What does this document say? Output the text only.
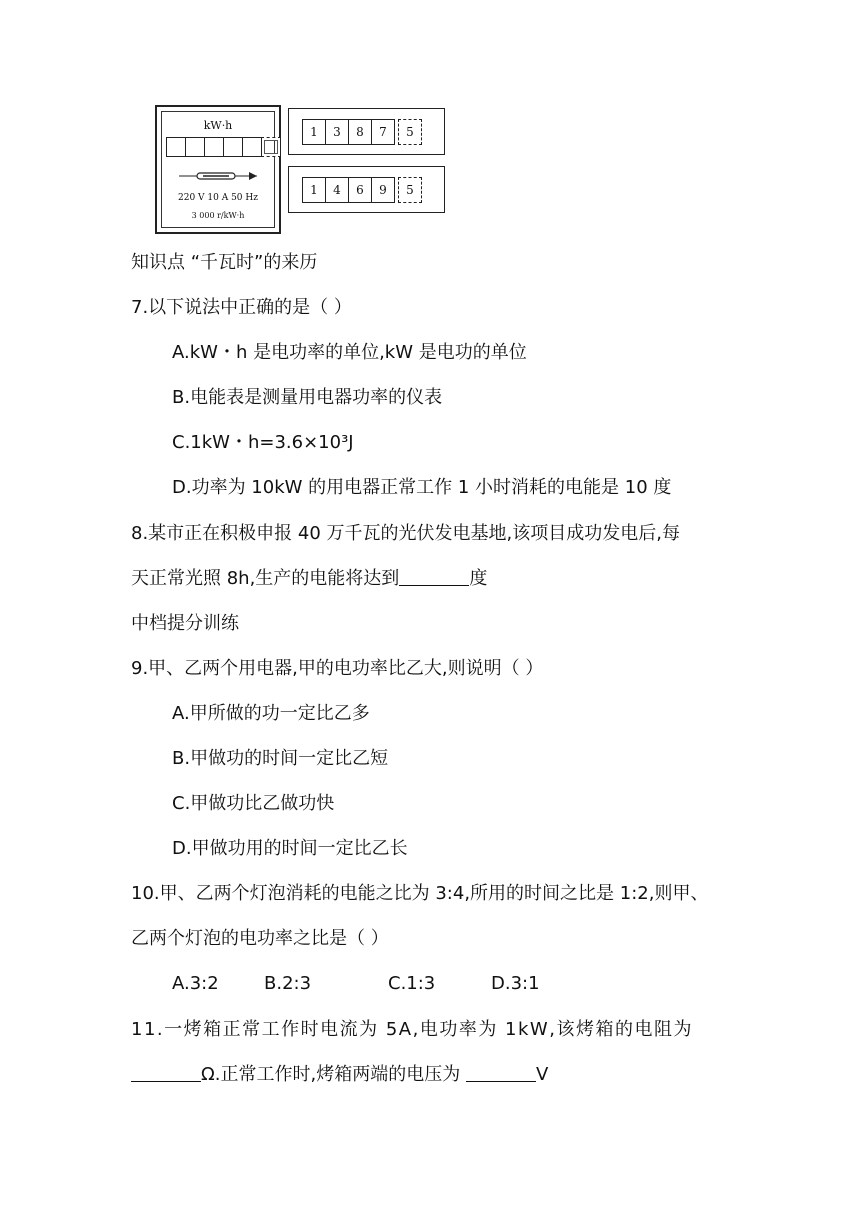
kW·h
220 V 10 A 50 Hz
3 000 r/kW·h
1	3	8	7	5
1	4	6	9	5
知识点 “千瓦时”的来历
7.以下说法中正确的是（ ）
A.kW・h 是电功率的单位,kW 是电功的单位
B.电能表是测量用电器功率的仪表
C.1kW・h=3.6×10³J
D.功率为 10kW 的用电器正常工作 1 小时消耗的电能是 10 度
8.某市正在积极申报 40 万千瓦的光伏发电基地,该项目成功发电后,每
天正常光照 8h,生产的电能将达到	度
中档提分训练
9.甲、乙两个用电器,甲的电功率比乙大,则说明（ ）
A.甲所做的功一定比乙多
B.甲做功的时间一定比乙短
C.甲做功比乙做功快
D.甲做功用的时间一定比乙长
10.甲、乙两个灯泡消耗的电能之比为 3:4,所用的时间之比是 1:2,则甲、
乙两个灯泡的电功率之比是（ ）
A.3:2	B.2:3	C.1:3	D.3:1
11.一烤箱正常工作时电流为 5A,电功率为 1kW,该烤箱的电阻为
Ω.正常工作时,烤箱两端的电压为	V
